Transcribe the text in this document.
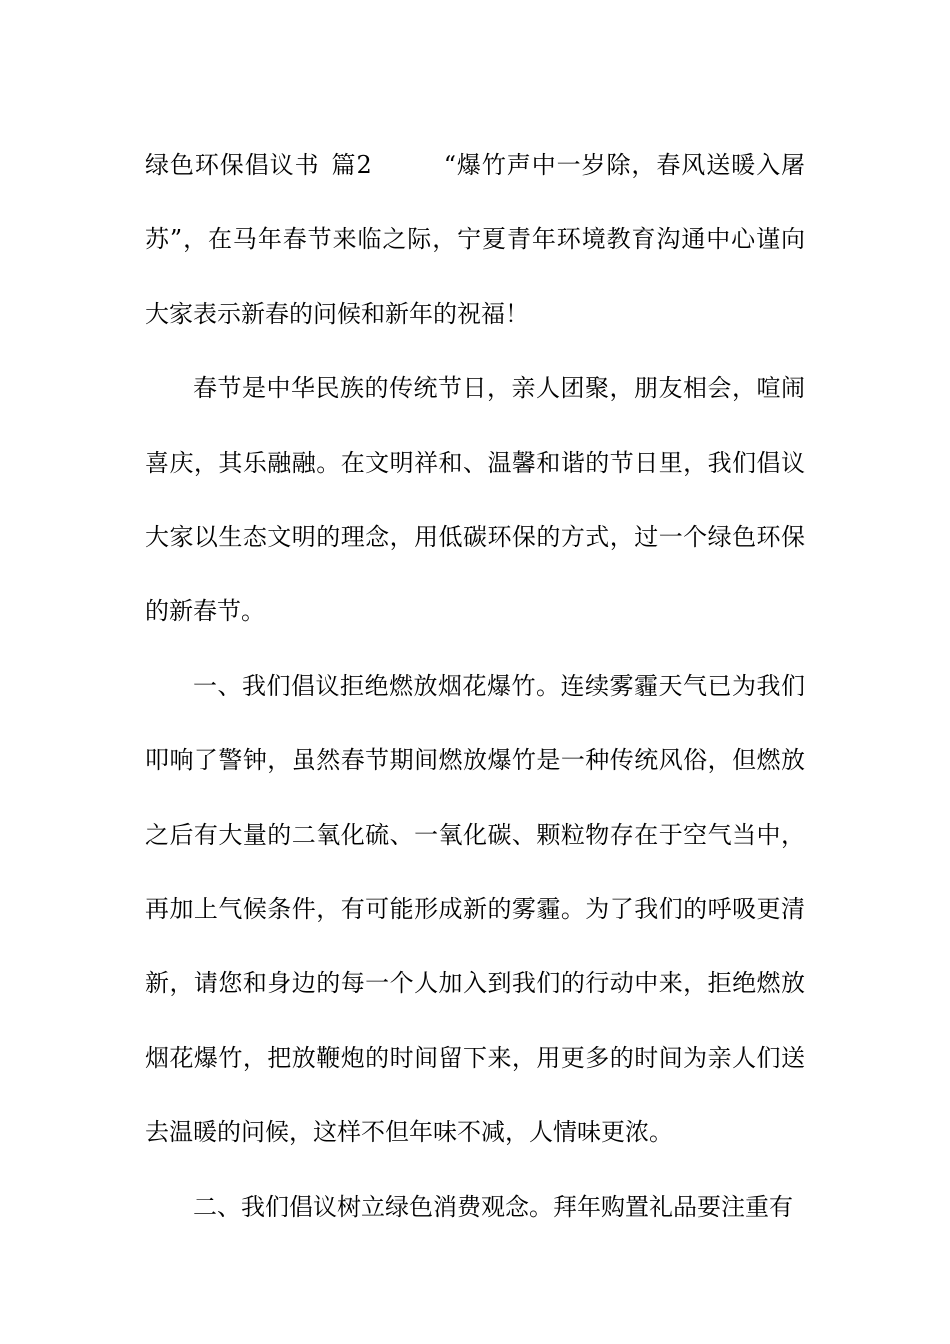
绿色环保倡议书 篇2	“爆竹声中一岁除，春风送暖入屠苏”，在马年春节来临之际，宁夏青年环境教育沟通中心谨向大家表示新春的问候和新年的祝福！

春节是中华民族的传统节日，亲人团聚，朋友相会，喧闹喜庆，其乐融融。在文明祥和、温馨和谐的节日里，我们倡议大家以生态文明的理念，用低碳环保的方式，过一个绿色环保的新春节。

一、我们倡议拒绝燃放烟花爆竹。连续雾霾天气已为我们叩响了警钟，虽然春节期间燃放爆竹是一种传统风俗，但燃放之后有大量的二氧化硫、一氧化碳、颗粒物存在于空气当中，再加上气候条件，有可能形成新的雾霾。为了我们的呼吸更清新，请您和身边的每一个人加入到我们的行动中来，拒绝燃放烟花爆竹，把放鞭炮的时间留下来，用更多的时间为亲人们送去温暖的问候，这样不但年味不减，人情味更浓。

二、我们倡议树立绿色消费观念。拜年购置礼品要注重有
